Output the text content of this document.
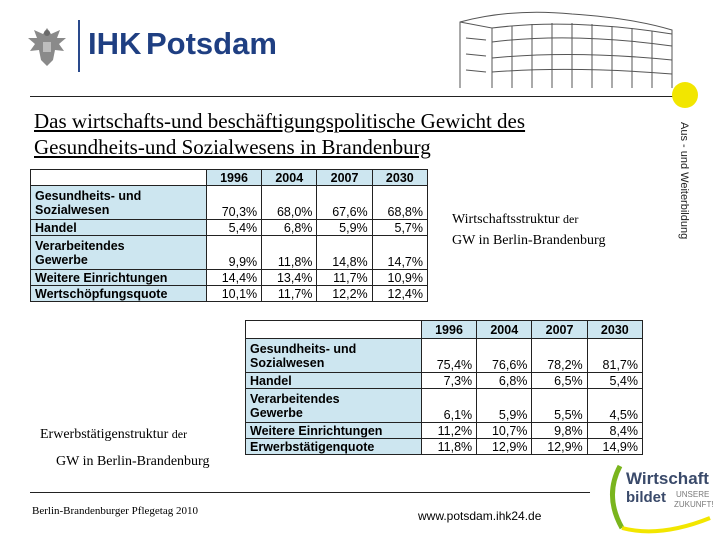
IHK Potsdam
Aus - und Weiterbildung
Das wirtschafts-und beschäftigungspolitische Gewicht des
Gesundheits-und Sozialwesens in Brandenburg
	1996	2004	2007	2030

Gesundheits- und
Sozialwesen	70,3%	68,0%	67,6%	68,8%
Handel	5,4%	6,8%	5,9%	5,7%

Verarbeitendes
Gewerbe	9,9%	11,8%	14,8%	14,7%
Weitere Einrichtungen	14,4%	13,4%	11,7%	10,9%
Wertschöpfungsquote	10,1%	11,7%	12,2%	12,4%
Wirtschaftsstruktur der
GW in Berlin-Brandenburg
	1996	2004	2007	2030

Gesundheits- und
Sozialwesen	75,4%	76,6%	78,2%	81,7%
Handel	7,3%	6,8%	6,5%	5,4%

Verarbeitendes
Gewerbe	6,1%	5,9%	5,5%	4,5%
Weitere Einrichtungen	11,2%	10,7%	9,8%	8,4%
Erwerbstätigenquote	11,8%	12,9%	12,9%	14,9%
Erwerbstätigenstruktur der
GW in Berlin-Brandenburg
Berlin-Brandenburger Pflegetag 2010	www.potsdam.ihk24.de
Wirtschaft
bildet UNSERE
ZUKUNFT!
